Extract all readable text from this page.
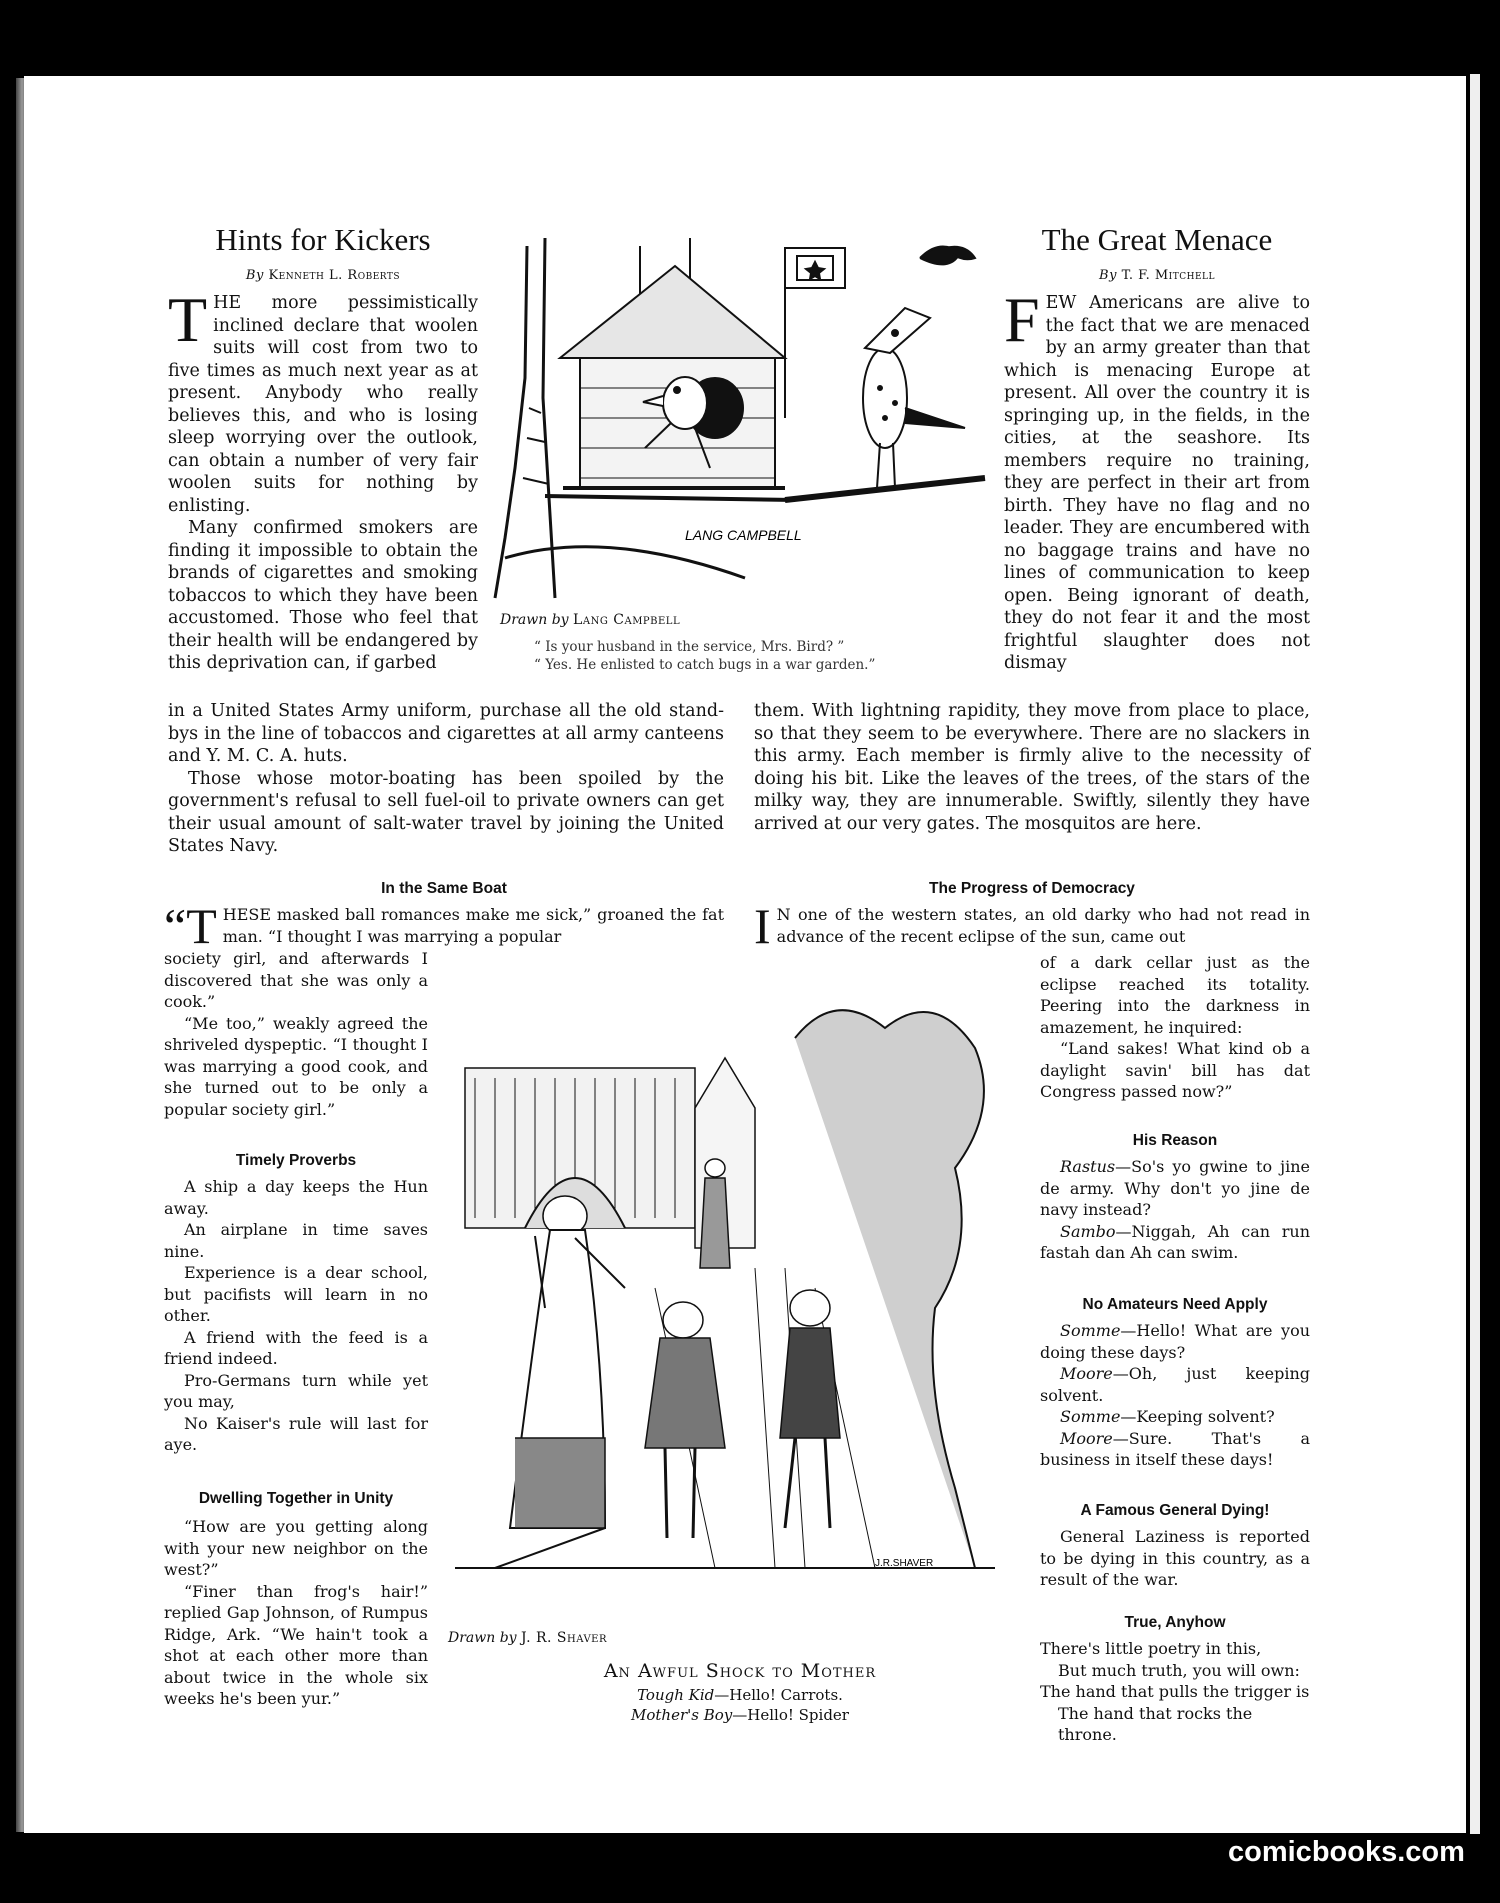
Hints for Kickers
By Kenneth L. Roberts

THE more pessimistically inclined declare that woolen suits will cost from two to five times as much next year as at present. Anybody who really believes this, and who is losing sleep worrying over the outlook, can obtain a number of very fair woolen suits for nothing by enlisting.

Many confirmed smokers are finding it impossible to obtain the brands of cigarettes and smoking tobaccos to which they have been accustomed. Those who feel that their health will be endangered by this deprivation can, if garbed

in a United States Army uniform, purchase all the old stand-bys in the line of tobaccos and cigarettes at all army canteens and Y. M. C. A. huts.

Those whose motor-boating has been spoiled by the government's refusal to sell fuel-oil to private owners can get their usual amount of salt-water travel by joining the United States Navy.

LANG CAMPBELL
Drawn by Lang Campbell
“ Is your husband in the service, Mrs. Bird? ”
“ Yes. He enlisted to catch bugs in a war garden.”
The Great Menace
By T. F. Mitchell

FEW Americans are alive to the fact that we are menaced by an army greater than that which is menacing Europe at present. All over the country it is springing up, in the fields, in the cities, at the seashore. Its members require no training, they are perfect in their art from birth. They have no flag and no leader. They are encumbered with no baggage trains and have no lines of communication to keep open. Being ignorant of death, they do not fear it and the most frightful slaughter does not dismay

them. With lightning rapidity, they move from place to place, so that they seem to be everywhere. There are no slackers in this army. Each member is firmly alive to the necessity of doing his bit. Like the leaves of the trees, of the stars of the milky way, they are innumerable. Swiftly, silently they have arrived at our very gates. The mosquitos are here.

In the Same Boat

“THESE masked ball romances make me sick,” groaned the fat man. “I thought I was marrying a popular

society girl, and afterwards I discovered that she was only a cook.”

“Me too,” weakly agreed the shriveled dyspeptic. “I thought I was marrying a good cook, and she turned out to be only a popular society girl.”

Timely Proverbs

A ship a day keeps the Hun away.

An airplane in time saves nine.

Experience is a dear school, but pacifists will learn in no other.

A friend with the feed is a friend indeed.

Pro-Germans turn while yet you may,

No Kaiser's rule will last for aye.

Dwelling Together in Unity

“How are you getting along with your new neighbor on the west?”

“Finer than frog's hair!” replied Gap Johnson, of Rumpus Ridge, Ark. “We hain't took a shot at each other more than about twice in the whole six weeks he's been yur.”

The Progress of Democracy

I N one of the western states, an old darky who had not read in advance of the recent eclipse of the sun, came out

of a dark cellar just as the eclipse reached its totality. Peering into the darkness in amazement, he inquired:

“Land sakes! What kind ob a daylight savin' bill has dat Congress passed now?”

His Reason

Rastus—So's yo gwine to jine de army. Why don't yo jine de navy instead?

Sambo—Niggah, Ah can run fastah dan Ah can swim.

No Amateurs Need Apply

Somme—Hello! What are you doing these days?

Moore—Oh, just keeping solvent.

Somme—Keeping solvent?

Moore—Sure. That's a business in itself these days!

A Famous General Dying!

General Laziness is reported to be dying in this country, as a result of the war.

True, Anyhow
There's little poetry in this,
But much truth, you will own:
The hand that pulls the trigger is
The hand that rocks the throne.
J.R.SHAVER
Drawn by J. R. Shaver
An Awful Shock to Mother
Tough Kid—Hello! Carrots.
Mother's Boy—Hello! Spider
comicbooks.com
